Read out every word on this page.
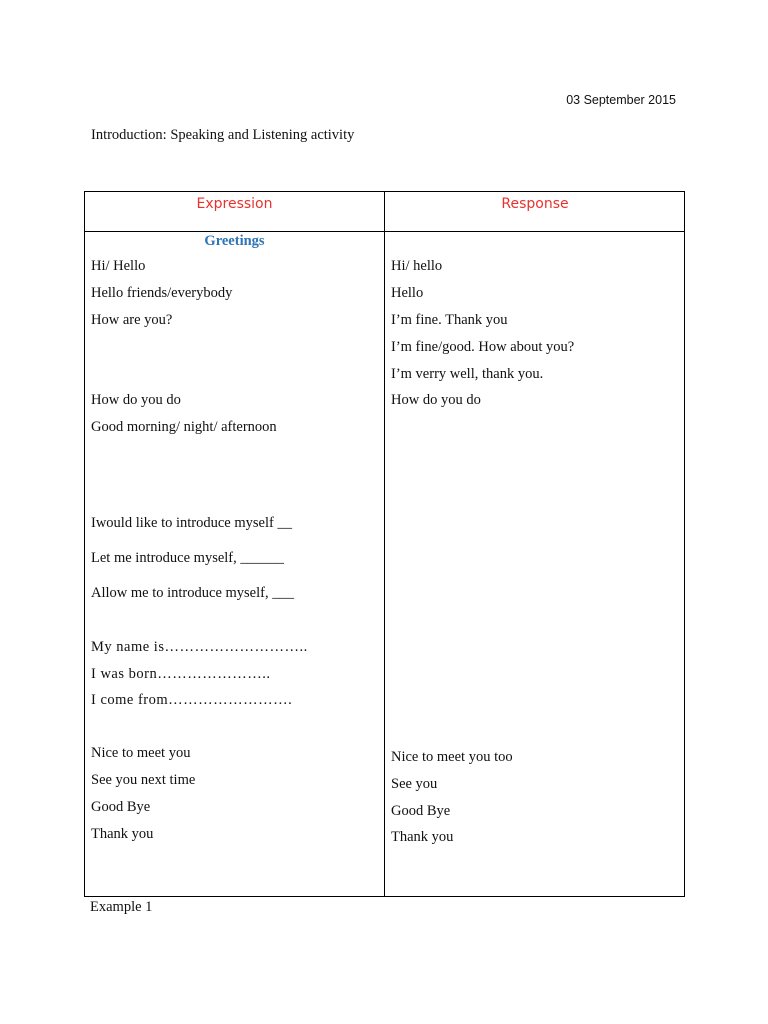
03 September 2015
Introduction: Speaking and Listening activity
Expression	Response
Greetings
Hi/ Hello
Hello friends/everybody
How are you?
How do you do
Good morning/ night/ afternoon
Iwould like to introduce myself __
Let me introduce myself, ______
Allow me to introduce myself, ___
My name is………………………..
I was born…………………..
I come from…………………….
Nice to meet you
See you next time
Good Bye
Thank you
Hi/ hello
Hello
I’m fine. Thank you
I’m fine/good. How about you?
I’m verry well, thank you.
How do you do
Nice to meet you too
See you
Good Bye
Thank you
Example 1
